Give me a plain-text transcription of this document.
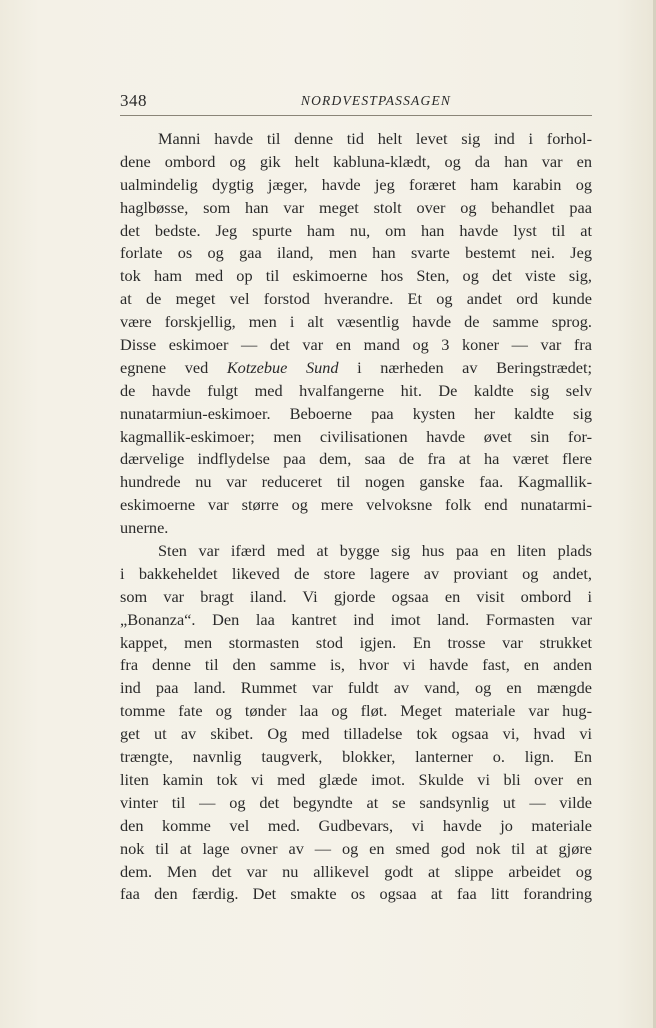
348	NORDVESTPASSAGEN
Manni havde til denne tid helt levet sig ind i forhol-
dene ombord og gik helt kabluna-klædt, og da han var en
ualmindelig dygtig jæger, havde jeg foræret ham karabin og
haglbøsse, som han var meget stolt over og behandlet paa
det bedste. Jeg spurte ham nu, om han havde lyst til at
forlate os og gaa iland, men han svarte bestemt nei. Jeg
tok ham med op til eskimoerne hos Sten, og det viste sig,
at de meget vel forstod hverandre. Et og andet ord kunde
være forskjellig, men i alt væsentlig havde de samme sprog.
Disse eskimoer — det var en mand og 3 koner — var fra
egnene ved Kotzebue Sund i nærheden av Beringstrædet;
de havde fulgt med hvalfangerne hit. De kaldte sig selv
nunatarmiun-eskimoer. Beboerne paa kysten her kaldte sig
kagmallik-eskimoer; men civilisationen havde øvet sin for-
dærvelige indflydelse paa dem, saa de fra at ha været flere
hundrede nu var reduceret til nogen ganske faa. Kagmallik-
eskimoerne var større og mere velvoksne folk end nunatarmi-
unerne.
Sten var ifærd med at bygge sig hus paa en liten plads
i bakkeheldet likeved de store lagere av proviant og andet,
som var bragt iland. Vi gjorde ogsaa en visit ombord i
„Bonanza“. Den laa kantret ind imot land. Formasten var
kappet, men stormasten stod igjen. En trosse var strukket
fra denne til den samme is, hvor vi havde fast, en anden
ind paa land. Rummet var fuldt av vand, og en mængde
tomme fate og tønder laa og fløt. Meget materiale var hug-
get ut av skibet. Og med tilladelse tok ogsaa vi, hvad vi
trængte, navnlig taugverk, blokker, lanterner o. lign. En
liten kamin tok vi med glæde imot. Skulde vi bli over en
vinter til — og det begyndte at se sandsynlig ut — vilde
den komme vel med. Gudbevars, vi havde jo materiale
nok til at lage ovner av — og en smed god nok til at gjøre
dem. Men det var nu allikevel godt at slippe arbeidet og
faa den færdig. Det smakte os ogsaa at faa litt forandring
